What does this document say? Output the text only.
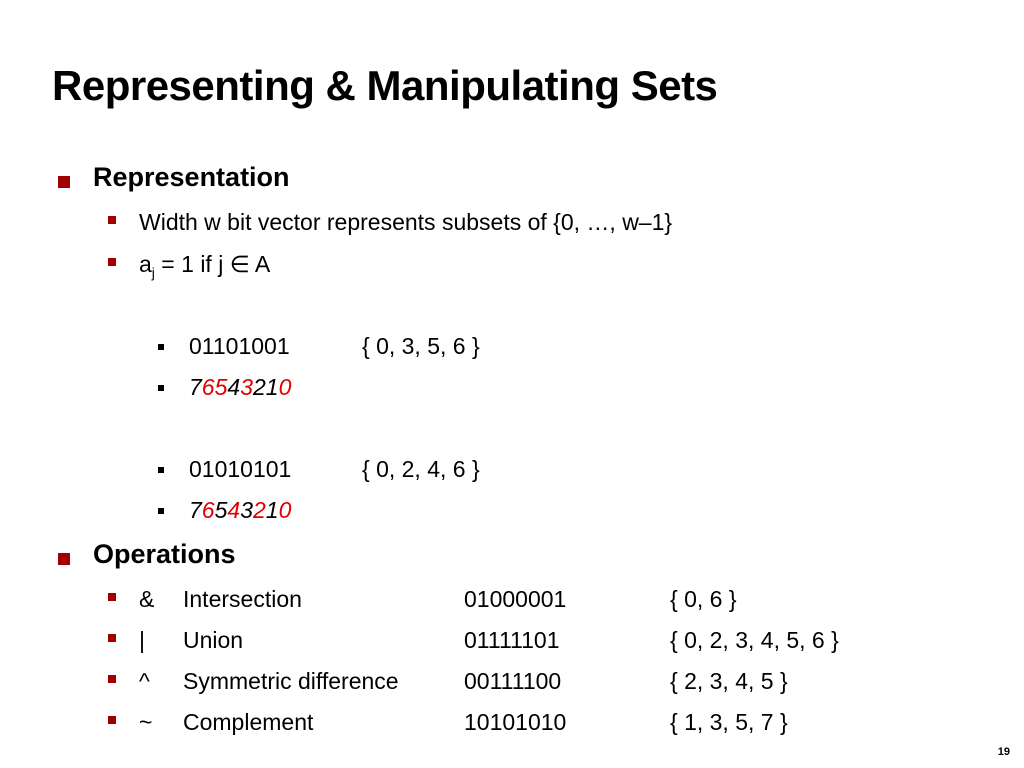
Representing & Manipulating Sets
Representation
Width w bit vector represents subsets of {0, …, w–1}
$a_j = 1$ if j ∈ A
01101001	{ 0, 3, 5, 6 }
76543210
01010101	{ 0, 2, 4, 6 }
76543210
Operations
& Intersection	01000001	{ 0, 6 }
| Union	01111101	{ 0, 2, 3, 4, 5, 6 }
^ Symmetric difference	00111100	{ 2, 3, 4, 5 }
~ Complement	10101010	{ 1, 3, 5, 7 }
19
